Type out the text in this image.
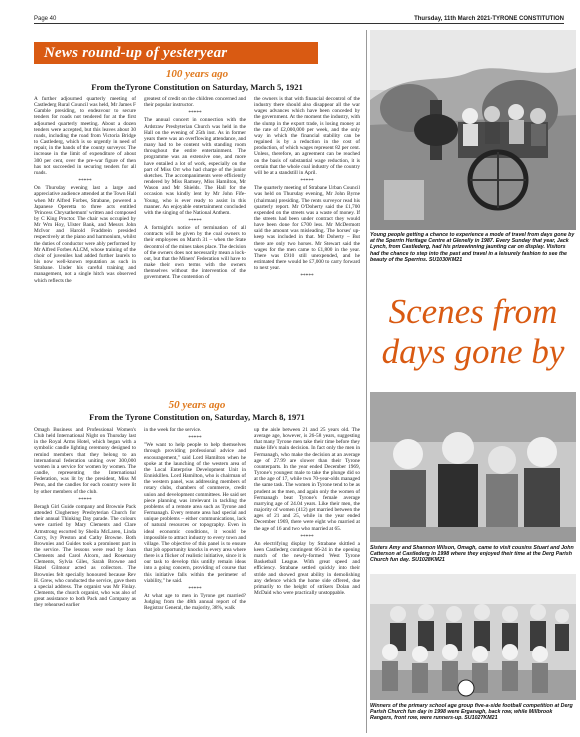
Page 40	Thursday, 11th March 2021-TYRONE CONSTITUTION
News round-up of yesteryear
100 years ago
From theTyrone Constitution on Saturday, March 5, 1921

A further adjourned quarterly meeting of Castlederg Rural Council was held, Mr James F Gamble presiding, to endeavour to secure tenders for roads not tendered for at the first adjourned quarterly meeting. About a dozen tenders were accepted, but this leaves about 30 roads, including the road from Victoria Bridge to Castlederg, which is so urgently in need of repair, in the hands of the county surveyor. The increase in the limit of expenditure of about 300 per cent, over the pre-war figure of then has not succeeded in securing tenders for all roads.

*****

On Thursday evening last a large and appreciative audience attended at the Town Hall when Mr Alfred Forbes, Strabane, powered a Japanese Operetta to three acts entitled 'Princess Chrysathemum' written and composed by C King Proctor. The chair was occupied by Mr Wm Hoy, Ulster Bank, and Messrs John McIvor and Harold Fraddrein presided respectively at the piano and harmonium, whilst the duties of conductor were ably performed by Mr Alfred Forbes ALCM, whose training of the choir of juveniles had added further laurels to his now well-known reputation as such in Strabane. Under his careful training and management, not a single hitch was observed which reflects the

greatest of credit on the children concerned and their popular instructor.

*****

The annual concert in connection with the Ardstraw Presbyterian Church was held in the Hall on the evening of 25th inst. As in former years there was an overflowing attendance, and many had to be content with standing room throughout the entire entertainment. The programme was an extensive one, and more have entailed a lot of work, especially on the part of Miss Orr who had charge of the junior sketches. The accompaniments were efficiently rendered by Miss Ramsey, Miss Hamilton, Mr Wason and Mr Shields. The Hall for the occasion was kindly lent by Mr John Fife-Young, who is ever ready to assist in this manner. An enjoyable entertainment concluded with the singing of the National Anthem.

*****

A fortnight's notice of termination of all contracts will be given by the coal owners to their employees on March 31 – when the State decontrol of the mines takes place. The decision of the owners does not necessarily mean a lock-out, but that the Miners' Federation will have to make their own terms with the owners themselves without the intervention of the government. The contention of

the owners is that with financial decontrol of the industry there should also disappear all the war wages advances which have been conceded by the government. At the moment the industry, with the slump in the export trade, is losing money at the rate of £2,000,000 per week, and the only way in which the financial stability can be regained is by a reduction in the cost of production, of which wages represent 82 per cent. Unless, therefore, an agreement can be reached on the basis of substantial wage reduction, it is certain that the whole coal industry of the country will be at a standstill in April.

*****

The quarterly meeting of Strabane Urban Council was held on Thursday evening, Mr John Byrne (chairman) presiding. The rents surveyor read his quarterly report. Mr O'Doherty said the £1,700 expended on the streets was a waste of money. If the streets had been under contract they would have been done for £700 less. Mr McDermott said the amount was misleading. The horses' up-keep was included in that. Mr Doherty – But there are only two horses. Mr Stewart said the wages for the men came to £1,800 in the year. There was £910 still unexpended, and he estimated there would be £7,000 to carry forward to next year.

*****

50 years ago
From the Tyrone Constitution on, Saturday, March 8, 1971

Omagh Business and Professional Women's Club held International Night on Thursday last in the Royal Arms Hotel, which began with a symbolic candle lighting ceremony designed to remind members that they belong to an international federation uniting over 300,000 women in a service for women by women. The candle, representing the International Federation, was lit by the president, Miss M Penn, and the candles for each country were lit by other members of the club.

*****

Beragh Girl Guide company and Brownie Pack attended Clogherney Presbyterian Church for their annual Thinking Day parade. The colours were carried by Mary Clements and Clare Armstrong escorted by Sheila McLaren, Linda Corry, Ivy Preston and Cathy Browne. Both Brownies and Guides took a prominent part in the service. The lessons were read by Joan Clements and Carol Alcorn, and Rosemary Clements, Sylvia Giles, Sarah Browne and Hazel Gilmour acted as collectors. The Brownies felt specially honoured because Rev H. Grew, who conducted the service, gave them a special address. The organist was Mr Finlay. Clements, the church organist, who was also of great assistance to both Pack and Company as they rehearsed earlier

in the week for the service.

*****

"We want to help people to help themselves through providing professional advice and encouragement," said Lord Hamilton when he spoke at the launching of the western area of the Local Enterprise Development Unit in Enniskillen. Lord Hamilton, who is chairman of the western panel, was addressing members of rotary clubs, chambers of commerce, credit union and development committees. He said set piece planning was irrelevant in tackling the problems of a remote area such as Tyrone and Fermanagh. Every remote area had special and unique problems – either communications, lack of natural resources or topography. Even in ideal economic conditions, it would be impossible to attract industry to every town and village. The objective of this panel is to ensure that job opportunity knocks in every area where there is a flicker of realistic initiative, since it is our task to develop this untilly remain ideas into a going concern, providing of course that this initiative falls within the perimeter of viability," he said.

*****

At what age to men in Tyrone get married? Judging from the 48th annual report of the Registrar General, the majority, 38%, walk

up the aisle between 21 and 25 years old. The average age, however, is 26-58 years, suggesting that many Tyrone men take their time before they make life's main decision. In fact only the men in Fermanagh, who make the decision at an average age of 27.99 are slower than their Tyrone counterparts. In the year ended December 1969, Tyrone's youngest male to take the plunge did so at the age of 17, while two 70-year-olds managed the same task. The women in Tyrone tend to be as prudent as the men, and again only the women of Fermanagh beat Tyrone's female average marrying age of 24.04 years. Like their men, the majority of women (412) get married between the ages of 21 and 25, while in the year ended December 1969, there were eight who married at the age of 16 and two who married at 65.

*****

An electrifying display by Strabane skittled a keen Castlederg contingent 66-24 in the opening match of the newly-formed West Tyrone Basketball League. With great speed and efficiency. Strabane settled quickly into their stride and showed great ability in demolishing any defence which the home side offered, due primarily to the height of strikers Dolan and McDaid who were practically unstoppable.

Young people getting a chance to experience a mode of travel from days gone by at the Sperrin Heritage Centre at Glenelly in 1987. Every Sunday that year, Jack Lynch, from Castlederg, had his prizewinning jaunting car on display. Visitors had the chance to step into the past and travel in a leisurely fashion to see the beauty of the Sperrins. SU1030KM21
Scenes from days gone by
Sisters Amy and Shannon Wilson, Omagh, came to visit cousins Stuart and John Catterson at Castlederg in 1998 where they enjoyed their time at the Derg Parish Church fun day. SU1028KM21
Winners of the primary school age group five-a-side football competition at Derg Parish Church fun day in 1998 were Erganagh, back row, while Millbrook Rangers, front row, were runners-up. SU1027KM21
